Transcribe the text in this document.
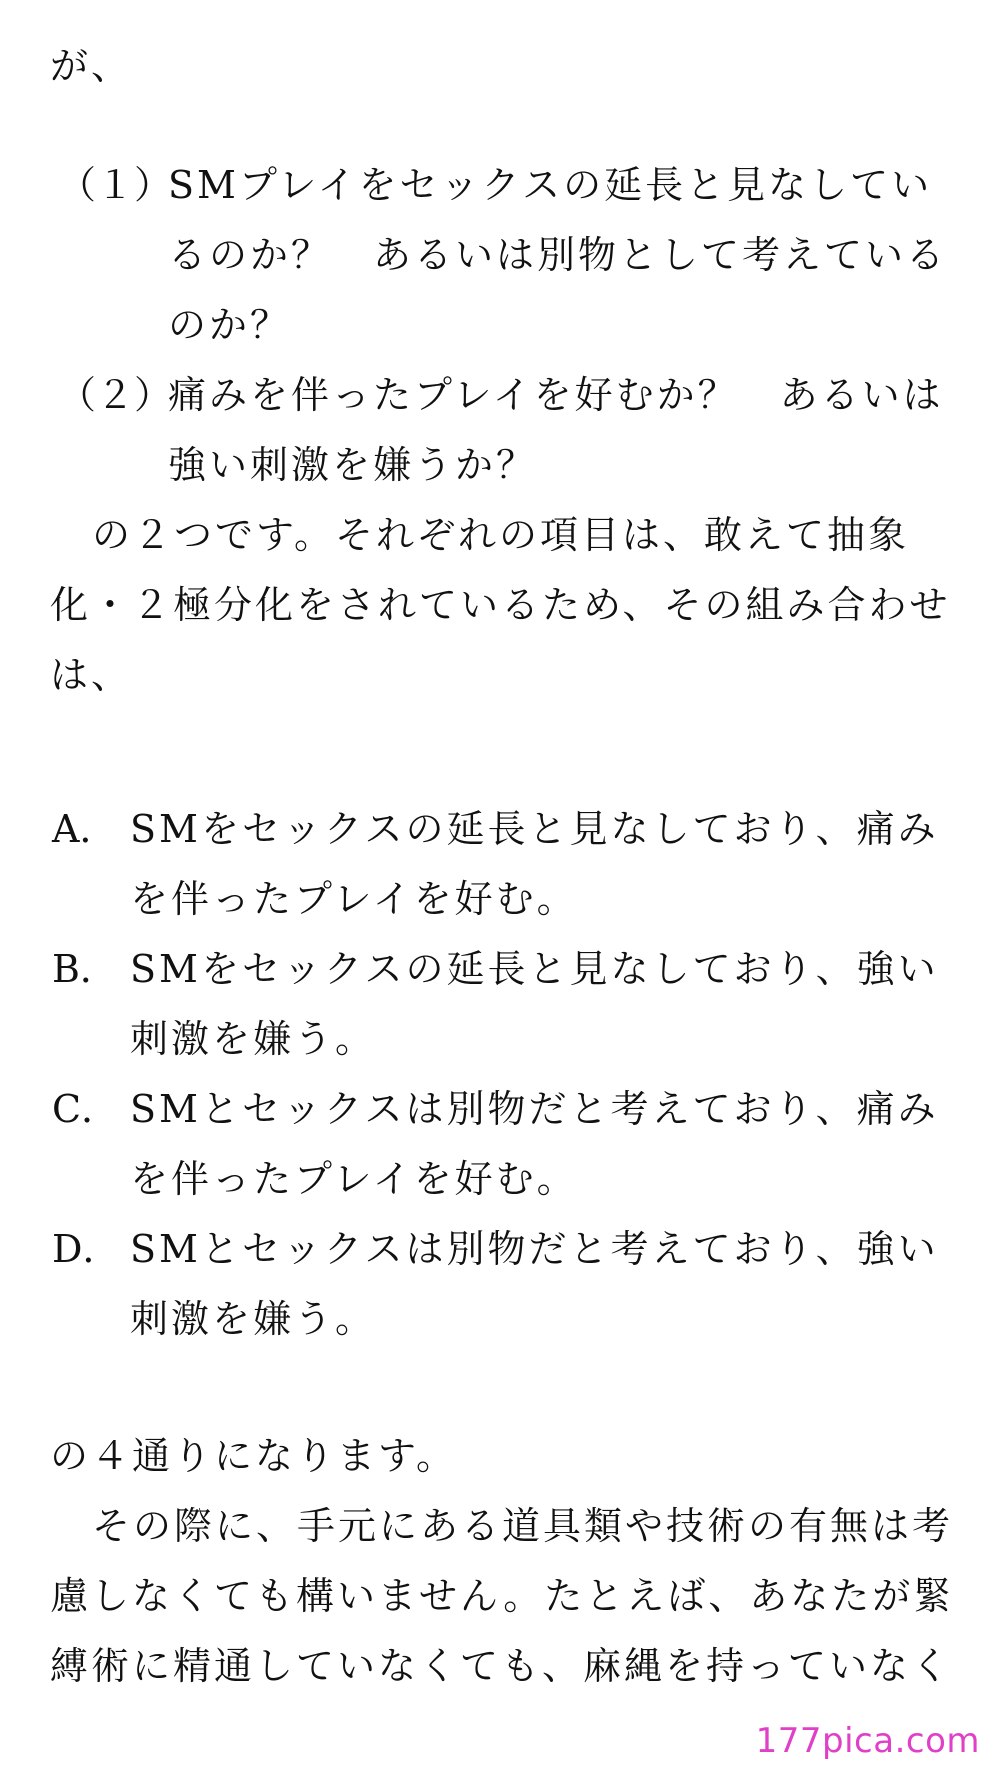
が、
（１）
SMプレイをセックスの延長と見なしてい
るのか？　あるいは別物として考えている
のか？
（２）
痛みを伴ったプレイを好むか？　あるいは
強い刺激を嫌うか？
の２つです。それぞれの項目は、敢えて抽象
化・２極分化をされているため、その組み合わせ
は、
A． SMをセックスの延長と見なしており、痛み
を伴ったプレイを好む。
B． SMをセックスの延長と見なしており、強い
刺激を嫌う。
C． SMとセックスは別物だと考えており、痛み
を伴ったプレイを好む。
D． SMとセックスは別物だと考えており、強い
刺激を嫌う。
の４通りになります。
その際に、手元にある道具類や技術の有無は考
慮しなくても構いません。たとえば、あなたが緊
縛術に精通していなくても、麻縄を持っていなく
177pica.com
